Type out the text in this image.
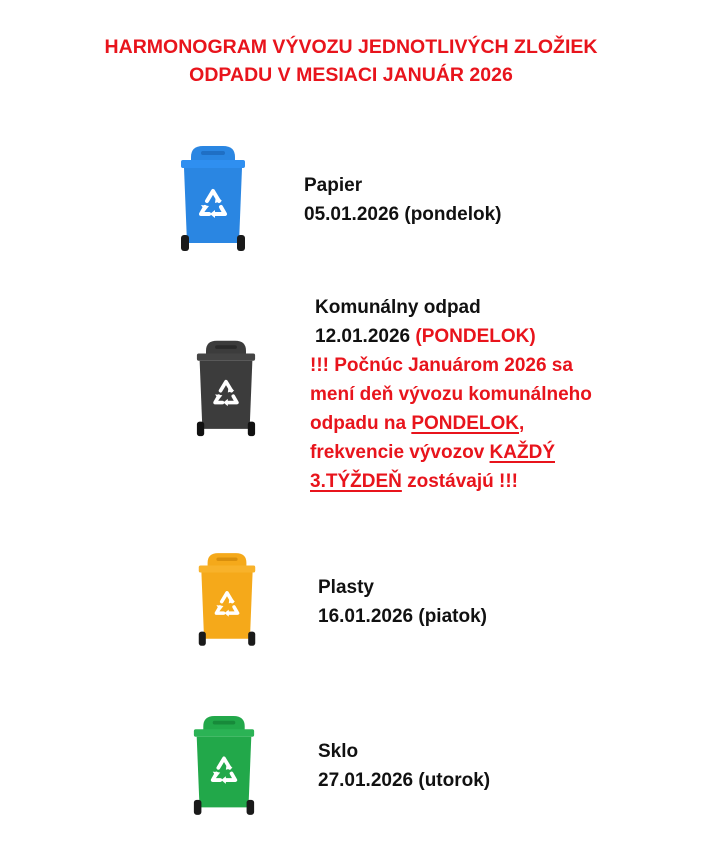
HARMONOGRAM VÝVOZU JEDNOTLIVÝCH ZLOŽIEK
ODPADU V MESIACI JANUÁR 2026
Papier
05.01.2026 (pondelok)
Komunálny odpad
12.01.2026 (PONDELOK)
!!! Počnúc Januárom 2026 sa
mení deň vývozu komunálneho
odpadu na PONDELOK,
frekvencie vývozov KAŽDÝ
3.TÝŽDEŇ zostávajú !!!
Plasty
16.01.2026 (piatok)
Sklo
27.01.2026 (utorok)
